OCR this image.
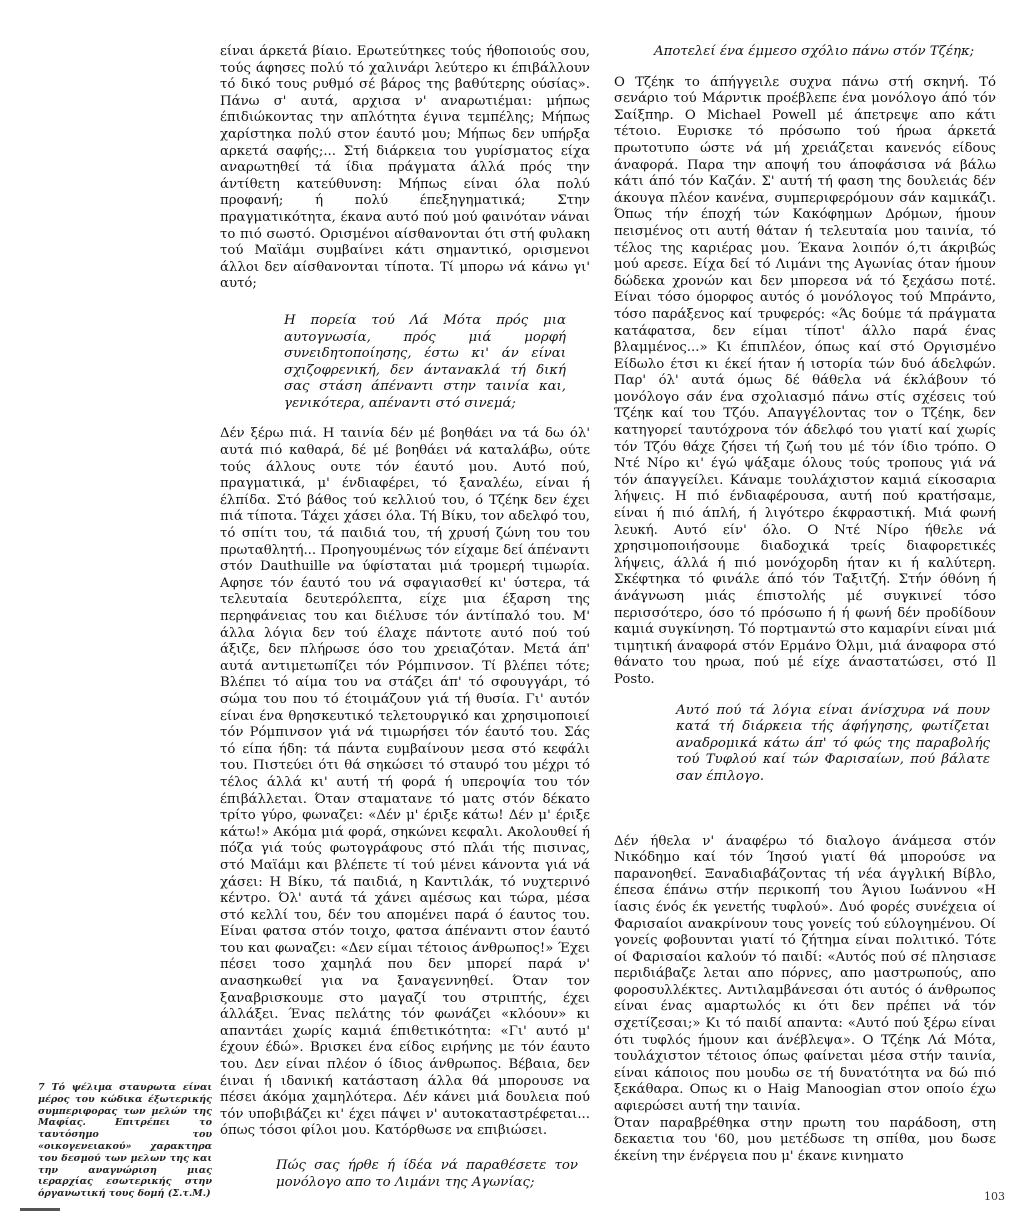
είναι άρκετά βίαιο. Ερωτεύτηκες τούς ήθοποιούς σου, τούς άφησες πολύ τό χαλινάρι λεύτερο κι έπιβάλλουν τό δικό τους ρυθμό σέ βάρος της βαθύτερης ούσίας». Πάνω σ' αυτά, αρχισα ν' αναρωτιέμαι: μήπως έπιδιώκοντας την απλότητα έγινα τεμπέλης; Μήπως χαρίστηκα πολύ στον έαυτό μου; Μήπως δεν υπήρξα αρκετά σαφής;... Στή διάρκεια του γυρίσματος είχα αναρωτηθεί τά ίδια πράγματα άλλά πρός την άντίθετη κατεύθυνση: Μήπως είναι όλα πολύ προφανή; ή πολύ έπεξηγηματικά; Στην πραγματικότητα, έκανα αυτό πού μού φαινόταν νάναι το πιό σωστό. Ορισμένοι αίσθανονται ότι στή φυλακη τού Μαϊάμι συμβαίνει κάτι σημαντικό, ορισμενοι άλλοι δεν αίσθανονται τίποτα. Τί μπορω νά κάνω γι' αυτό;

Η πορεία τού Λά Μότα πρός μια αυτογνωσία, πρός μιά μορφή συνειδητοποίησης, έστω κι' άν είναι σχιζοφρενική, δεν άντανακλά τή δική σας στάση άπέναντι στην ταινία και, γενικότερα, απέναντι στό σινεμά;

Δέν ξέρω πιά. Η ταινία δέν μέ βοηθάει να τά δω όλ' αυτά πιό καθαρά, δέ μέ βοηθάει νά καταλάβω, ούτε τούς άλλους ουτε τόν έαυτό μου. Αυτό πού, πραγματικά, μ' ένδιαφέρει, τό ξαναλέω, είναι ή έλπίδα. Στό βάθος τού κελλιού του, ό Τζέηκ δεν έχει πιά τίποτα. Τάχει χάσει όλα. Τή Βίκυ, τον αδελφό του, τό σπίτι του, τά παιδιά του, τή χρυσή ζώνη του του πρωταθλητή... Προηγουμένως τόν είχαμε δεί άπέναντι στόν Dauthuille να ύφίσταται μιά τρομερή τιμωρία. Αφησε τόν έαυτό του νά σφαγιασθεί κι' ύστερα, τά τελευταία δευτερόλεπτα, είχε μια έξαρση της περηφάνειας του και διέλυσε τόν άντίπαλό του. Μ' άλλα λόγια δεν τού έλαχε πάντοτε αυτό πού τού άξιζε, δεν πλήρωσε όσο του χρειαζόταν. Μετά άπ' αυτά αντιμετωπίζει τόν Ρόμπινσον. Τί βλέπει τότε; Βλέπει τό αίμα του να στάζει άπ' τό σφουγγάρι, τό σώμα του που τό έτοιμάζουν γιά τή θυσία. Γι' αυτόν είναι ένα θρησκευτικό τελετουργικό και χρησιμοποιεί τόν Ρόμπινσον γιά νά τιμωρήσει τόν έαυτό του. Σάς τό είπα ήδη: τά πάντα ευμβαίνουν μεσα στό κεφάλι του. Πιστεύει ότι θά σηκώσει τό σταυρό του μέχρι τό τέλος άλλά κι' αυτή τή φορά ή υπεροψία του τόν έπιβάλλεται. Όταν σταματανε τό ματς στόν δέκατο τρίτο γύρο, φωναζει: «Δέν μ' έριξε κάτω! Δέν μ' έριξε κάτω!» Ακόμα μιά φορά, σηκώνει κεφαλι. Ακολουθεί ή πόζα γιά τούς φωτογράφους στό πλάι τής πισινας, στό Μαϊάμι και βλέπετε τί τού μένει κάνοντα γιά νά χάσει: Η Βίκυ, τά παιδιά, η Καντιλάκ, τό νυχτερινό κέντρο. Όλ' αυτά τά χάνει αμέσως και τώρα, μέσα στό κελλί του, δέν του απομένει παρά ό έαυτος του. Είναι φατσα στόν τοιχο, φατσα άπέναντι στον έαυτό του και φωναζει: «Δεν είμαι τέτοιος άνθρωπος!» Έχει πέσει τοσο χαμηλά που δεν μπορεί παρά ν' ανασηκωθεί για να ξαναγεννηθεί. Όταν τον ξαναβρισκουμε στο μαγαζί του στριπτής, έχει άλλάξει. Ένας πελάτης τόν φωνάζει «κλόουν» κι απαντάει χωρίς καμιά έπιθετικότητα: «Γι' αυτό μ' έχουν έδώ». Βρισκει ένα είδος ειρήνης με τόν έαυτο του. Δεν είναι πλέον ό ίδιος άνθρωπος. Βέβαια, δεν έιναι ή ιδανική κατάσταση άλλα θά μπορουσε να πέσει άκόμα χαμηλότερα. Δέν κάνει μιά δουλεια πού τόν υποβιβάζει κι' έχει πάψει ν' αυτοκαταστρέφεται... όπως τόσοι φίλοι μου. Κατόρθωσε να επιβιώσει.

Πώς σας ήρθε ή ίδέα νά παραθέσετε τον μονόλογο απο το Λιμάνι της Αγωνίας;

Αποτελεί ένα έμμεσο σχόλιο πάνω στόν Τζέηκ;

Ο Τζέηκ το άπήγγειλε συχνα πάνω στή σκηνή. Τό σενάριο τού Μάρντικ προέβλεπε ένα μονόλογο άπό τόν Σαίξπηρ. Ο Michael Powell μέ άπετρεψε απο κάτι τέτοιο. Ευρισκε τό πρόσωπο τού ήρωα άρκετά πρωτοτυπο ώστε νά μή χρειάζεται κανενός είδους άναφορά. Παρα την αποψή του άποφάσισα νά βάλω κάτι άπό τόν Καζάν. Σ' αυτή τή φαση της δουλειάς δέν άκουγα πλέον κανένα, συμπεριφερόμουν σάν καμικάζι. Όπως τήν έποχή τών Κακόφημων Δρόμων, ήμουν πεισμένος οτι αυτή θάταν ή τελευταία μου ταινία, τό τέλος της καριέρας μου. Έκανα λοιπόν ό,τι άκριβώς μού αρεσε. Είχα δεί τό Λιμάνι της Αγωνίας όταν ήμουν δώδεκα χρονών και δεν μπορεσα νά τό ξεχάσω ποτέ. Είναι τόσο όμορφος αυτός ό μονόλογος τού Μπράντο, τόσο παράξενος καί τρυφερός: «Άς δούμε τά πράγματα κατάφατσα, δεν είμαι τίποτ' άλλο παρά ένας βλαμμένος...» Κι έπιπλέον, όπως καί στό Οργισμένο Είδωλο έτσι κι έκεί ήταν ή ιστορία τών δυό άδελφών. Παρ' όλ' αυτά όμως δέ θάθελα νά έκλάβουν τό μονόλογο σάν ένα σχολιασμό πάνω στίς σχέσεις τού Τζέηκ καί του Τζόυ. Απαγγέλοντας τον ο Τζέηκ, δεν κατηγορεί ταυτόχρονα τόν άδελφό του γιατί καί χωρίς τόν Τζόυ θάχε ζήσει τή ζωή του μέ τόν ίδιο τρόπο. Ο Ντέ Νίρο κι' έγώ ψάξαμε όλους τούς τροπους γιά νά τόν άπαγγείλει. Κάναμε τουλάχιστον καμιά είκοσαρια λήψεις. Η πιό ένδιαφέρουσα, αυτή πού κρατήσαμε, είναι ή πιό άπλή, ή λιγότερο έκφραστική. Μιά φωνή λευκή. Αυτό είν' όλο. Ο Ντέ Νίρο ήθελε νά χρησιμοποιήσουμε διαδοχικά τρείς διαφορετικές λήψεις, άλλά ή πιό μονόχορδη ήταν κι ή καλύτερη. Σκέφτηκα τό φινάλε άπό τόν Ταξιτζή. Στήν όθόνη ή άνάγνωση μιάς έπιστολής μέ συγκινεί τόσο περισσότερο, όσο τό πρόσωπο ή ή φωνή δέν προδίδουν καμιά συγκίνηση. Τό πορτμαντώ στο καμαρίνι είναι μιά τιμητική άναφορά στόν Ερμάνο Όλμι, μιά άναφορα στό θάνατο του ηρωα, πού μέ είχε άναστατώσει, στό Il Posto.

Αυτό πού τά λόγια είναι άνίσχυρα νά πουν κατά τή διάρκεια τής άφήγησης, φωτίζεται αναδρομικά κάτω άπ' τό φώς της παραβολής τού Τυφλού καί τών Φαρισαίων, πού βάλατε σαν έπιλογο.

Δέν ήθελα ν' άναφέρω τό διαλογο άνάμεσα στόν Νικόδημο καί τόν Ίησού γιατί θά μπορούσε να παρανοηθεί. Ξαναδιαβάζοντας τή νέα άγγλική Βίβλο, έπεσα έπάνω στήν περικοπή του Άγιου Ιωάννου «Η ίασις ένός έκ γενετής τυφλού». Δυό φορές συνέχεια οί Φαρισαίοι ανακρίνουν τους γονείς τού εύλογημένου. Οί γονείς φοβουνται γιατί τό ζήτημα είναι πολιτικό. Τότε οί Φαρισαίοι καλούν τό παιδί: «Αυτός πού σέ πλησιασε περιδιάβαζε λεται απο πόρνες, απο μαστρωπούς, απο φοροσυλλέκτες. Αντιλαμβάνεσαι ότι αυτός ό άνθρωπος είναι ένας αμαρτωλός κι ότι δεν πρέπει νά τόν σχετίζεσαι;» Κι τό παιδί απαντα: «Αυτό πού ξέρω είναι ότι τυφλός ήμουν και άνέβλεψα». Ο Τζέηκ Λά Μότα, τουλάχιστον τέτοιος όπως φαίνεται μέσα στήν ταινία, είναι κάποιος που μουδω σε τή δυνατότητα να δώ πιό ξεκάθαρα. Οπως κι ο Haig Manoogian στον οποίο έχω αφιερώσει αυτή την ταινία.

Όταν παραβρέθηκα στην πρωτη του παράδοση, στη δεκαετια του '60, μου μετέδωσε τη σπίθα, μου δωσε έκείνη την ένέργεια που μ' έκανε κινηματο

7 Τό ψέλιμα σταυρωτα είναι μέρος του κώδικα έξωτερικής συμπεριφορας των μελών της Μαφίας. Επιτρέπει το ταυτόσημο του «οικογενειακού» χαρακτηρα του δεσμού των μελων της και την αναγνώριση μιας ιεραρχίας εσωτερικής στην όργανωτική τους δομή (Σ.τ.Μ.)	103
